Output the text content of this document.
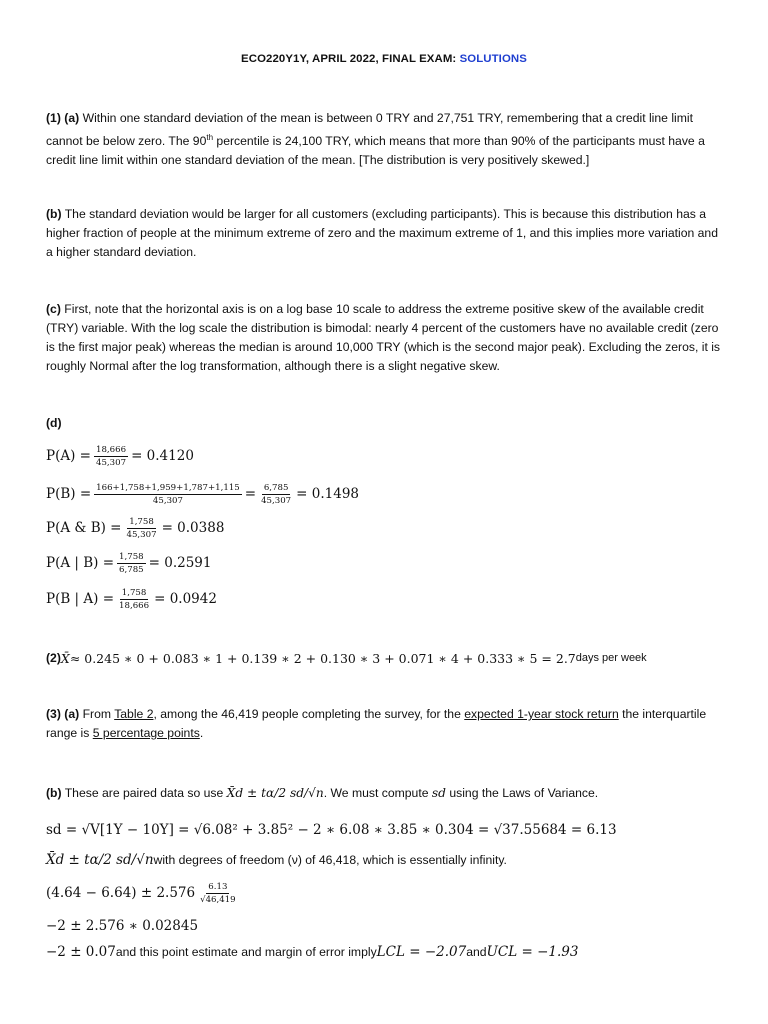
ECO220Y1Y, APRIL 2022, FINAL EXAM: SOLUTIONS
(1) (a) Within one standard deviation of the mean is between 0 TRY and 27,751 TRY, remembering that a credit line limit cannot be below zero. The 90th percentile is 24,100 TRY, which means that more than 90% of the participants must have a credit line limit within one standard deviation of the mean. [The distribution is very positively skewed.]
(b) The standard deviation would be larger for all customers (excluding participants). This is because this distribution has a higher fraction of people at the minimum extreme of zero and the maximum extreme of 1, and this implies more variation and a higher standard deviation.
(c) First, note that the horizontal axis is on a log base 10 scale to address the extreme positive skew of the available credit (TRY) variable. With the log scale the distribution is bimodal: nearly 4 percent of the customers have no available credit (zero is the first major peak) whereas the median is around 10,000 TRY (which is the second major peak). Excluding the zeros, it is roughly Normal after the log transformation, although there is a slight negative skew.
(d)
$P(A) = \frac{18,666}{45,307} = 0.4120$
$P(B) = \frac{166+1,758+1,959+1,787+1,115}{45,307} = \frac{6,785}{45,307} = 0.1498$
P(A & $B) = \frac{1,758}{45,307} = 0.0388$
P(A | $B) = \frac{1,758}{6,785} = 0.2591$
P(B | $A) = \frac{1,758}{18,666} = 0.0942$
(2) X̄ ≈ 0.245 ∗ 0 + 0.083 ∗ 1 + 0.139 ∗ 2 + 0.130 ∗ 3 + 0.071 ∗ 4 + 0.333 ∗ 5 = 2.7 days per week
(3) (a) From Table 2, among the 46,419 people completing the survey, for the expected 1-year stock return the interquartile range is 5 percentage points.
(b) These are paired data so use X̄d ± tα/2 sd/√n. We must compute sd using the Laws of Variance.
sd = √V[1Y − 10Y] = √6.08² + 3.85² − 2 ∗ 6.08 ∗ 3.85 ∗ 0.304 = √37.55684 = 6.13
X̄d ± tα/2 sd/√n with degrees of freedom (ν) of 46,418, which is essentially infinity.
$(4.64 - 6.64) \pm 2.576 \frac{6.13}{√46,419}$
−2 ± 2.576 ∗ 0.02845
−2 ± 0.07 and this point estimate and margin of error imply LCL = −2.07 and UCL = −1.93
